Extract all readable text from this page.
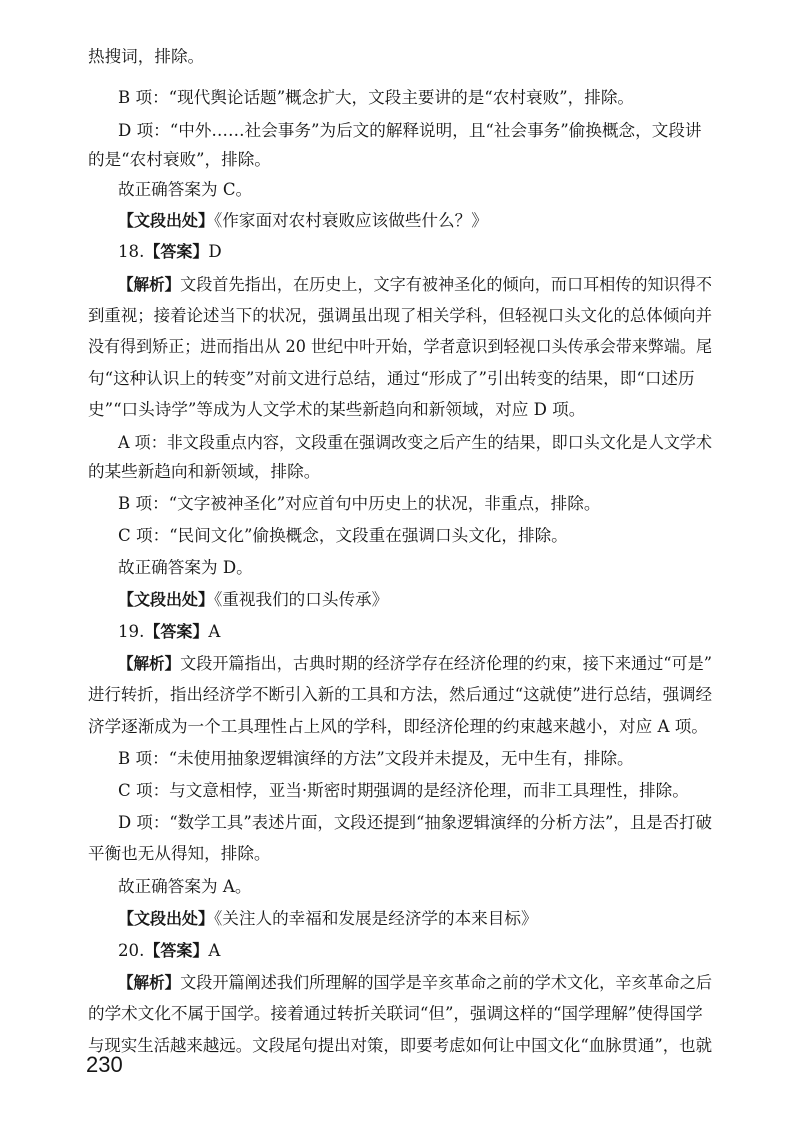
热搜词，排除。
B 项：“现代舆论话题”概念扩大，文段主要讲的是“农村衰败”，排除。
D 项：“中外……社会事务”为后文的解释说明，且“社会事务”偷换概念，文段讲
的是“农村衰败”，排除。
故正确答案为 C。
【文段出处】《作家面对农村衰败应该做些什么？》
18.【答案】D
【解析】文段首先指出，在历史上，文字有被神圣化的倾向，而口耳相传的知识得不
到重视；接着论述当下的状况，强调虽出现了相关学科，但轻视口头文化的总体倾向并
没有得到矫正；进而指出从 20 世纪中叶开始，学者意识到轻视口头传承会带来弊端。尾
句“这种认识上的转变”对前文进行总结，通过“形成了”引出转变的结果，即“口述历
史”“口头诗学”等成为人文学术的某些新趋向和新领域，对应 D 项。
A 项：非文段重点内容，文段重在强调改变之后产生的结果，即口头文化是人文学术
的某些新趋向和新领域，排除。
B 项：“文字被神圣化”对应首句中历史上的状况，非重点，排除。
C 项：“民间文化”偷换概念，文段重在强调口头文化，排除。
故正确答案为 D。
【文段出处】《重视我们的口头传承》
19.【答案】A
【解析】文段开篇指出，古典时期的经济学存在经济伦理的约束，接下来通过“可是”
进行转折，指出经济学不断引入新的工具和方法，然后通过“这就使”进行总结，强调经
济学逐渐成为一个工具理性占上风的学科，即经济伦理的约束越来越小，对应 A 项。
B 项：“未使用抽象逻辑演绎的方法”文段并未提及，无中生有，排除。
C 项：与文意相悖，亚当·斯密时期强调的是经济伦理，而非工具理性，排除。
D 项：“数学工具”表述片面，文段还提到“抽象逻辑演绎的分析方法”，且是否打破
平衡也无从得知，排除。
故正确答案为 A。
【文段出处】《关注人的幸福和发展是经济学的本来目标》
20.【答案】A
【解析】文段开篇阐述我们所理解的国学是辛亥革命之前的学术文化，辛亥革命之后
的学术文化不属于国学。接着通过转折关联词“但”，强调这样的“国学理解”使得国学
与现实生活越来越远。文段尾句提出对策，即要考虑如何让中国文化“血脉贯通”，也就
230
